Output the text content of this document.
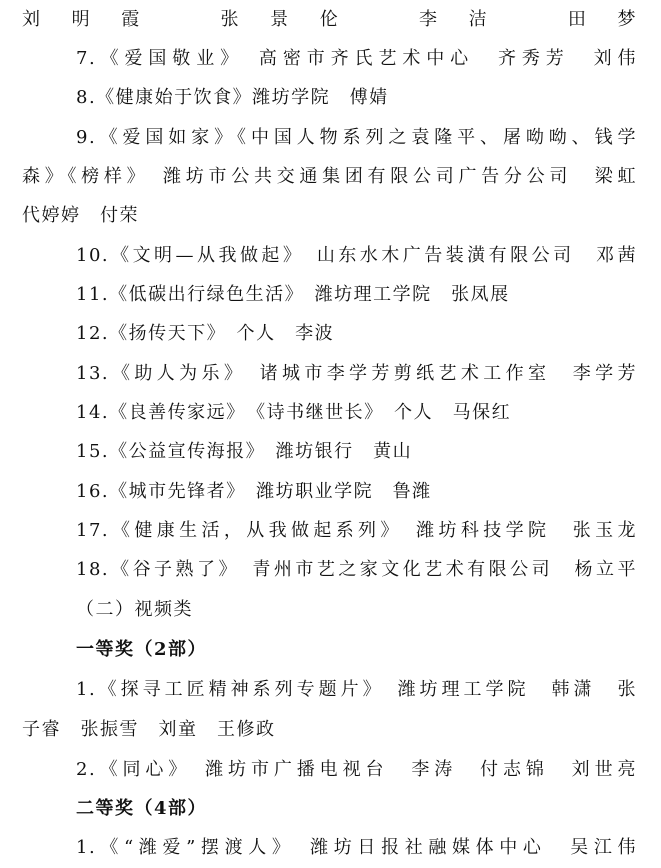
刘明霞　张景伦　李洁　田梦
7.《爱国敬业》　高密市齐氏艺术中心　齐秀芳　刘伟
8.《健康始于饮食》潍坊学院　傅婧
9.《爱国如家》《中国人物系列之袁隆平、屠呦呦、钱学
森》《榜样》　潍坊市公共交通集团有限公司广告分公司　梁虹
代婷婷　付荣
10.《文明—从我做起》　山东水木广告装潢有限公司　邓茜
11.《低碳出行绿色生活》　潍坊理工学院　张凤展
12.《扬传天下》　个人　李波
13.《助人为乐》　诸城市李学芳剪纸艺术工作室　李学芳
14.《良善传家远》　《诗书继世长》　个人　马保红
15.《公益宣传海报》　潍坊银行　黄山
16.《城市先锋者》　潍坊职业学院　鲁潍
17.《健康生活，从我做起系列》　潍坊科技学院　张玉龙
18.《谷子熟了》　青州市艺之家文化艺术有限公司　杨立平
（二）视频类
一等奖（2部）
1.《探寻工匠精神系列专题片》　潍坊理工学院　韩潇　张
子睿　张振雪　刘童　王修政
2.《同心》　潍坊市广播电视台　李涛　付志锦　刘世亮
二等奖（4部）
1.《“潍爱”摆渡人》　潍坊日报社融媒体中心　吴江伟
